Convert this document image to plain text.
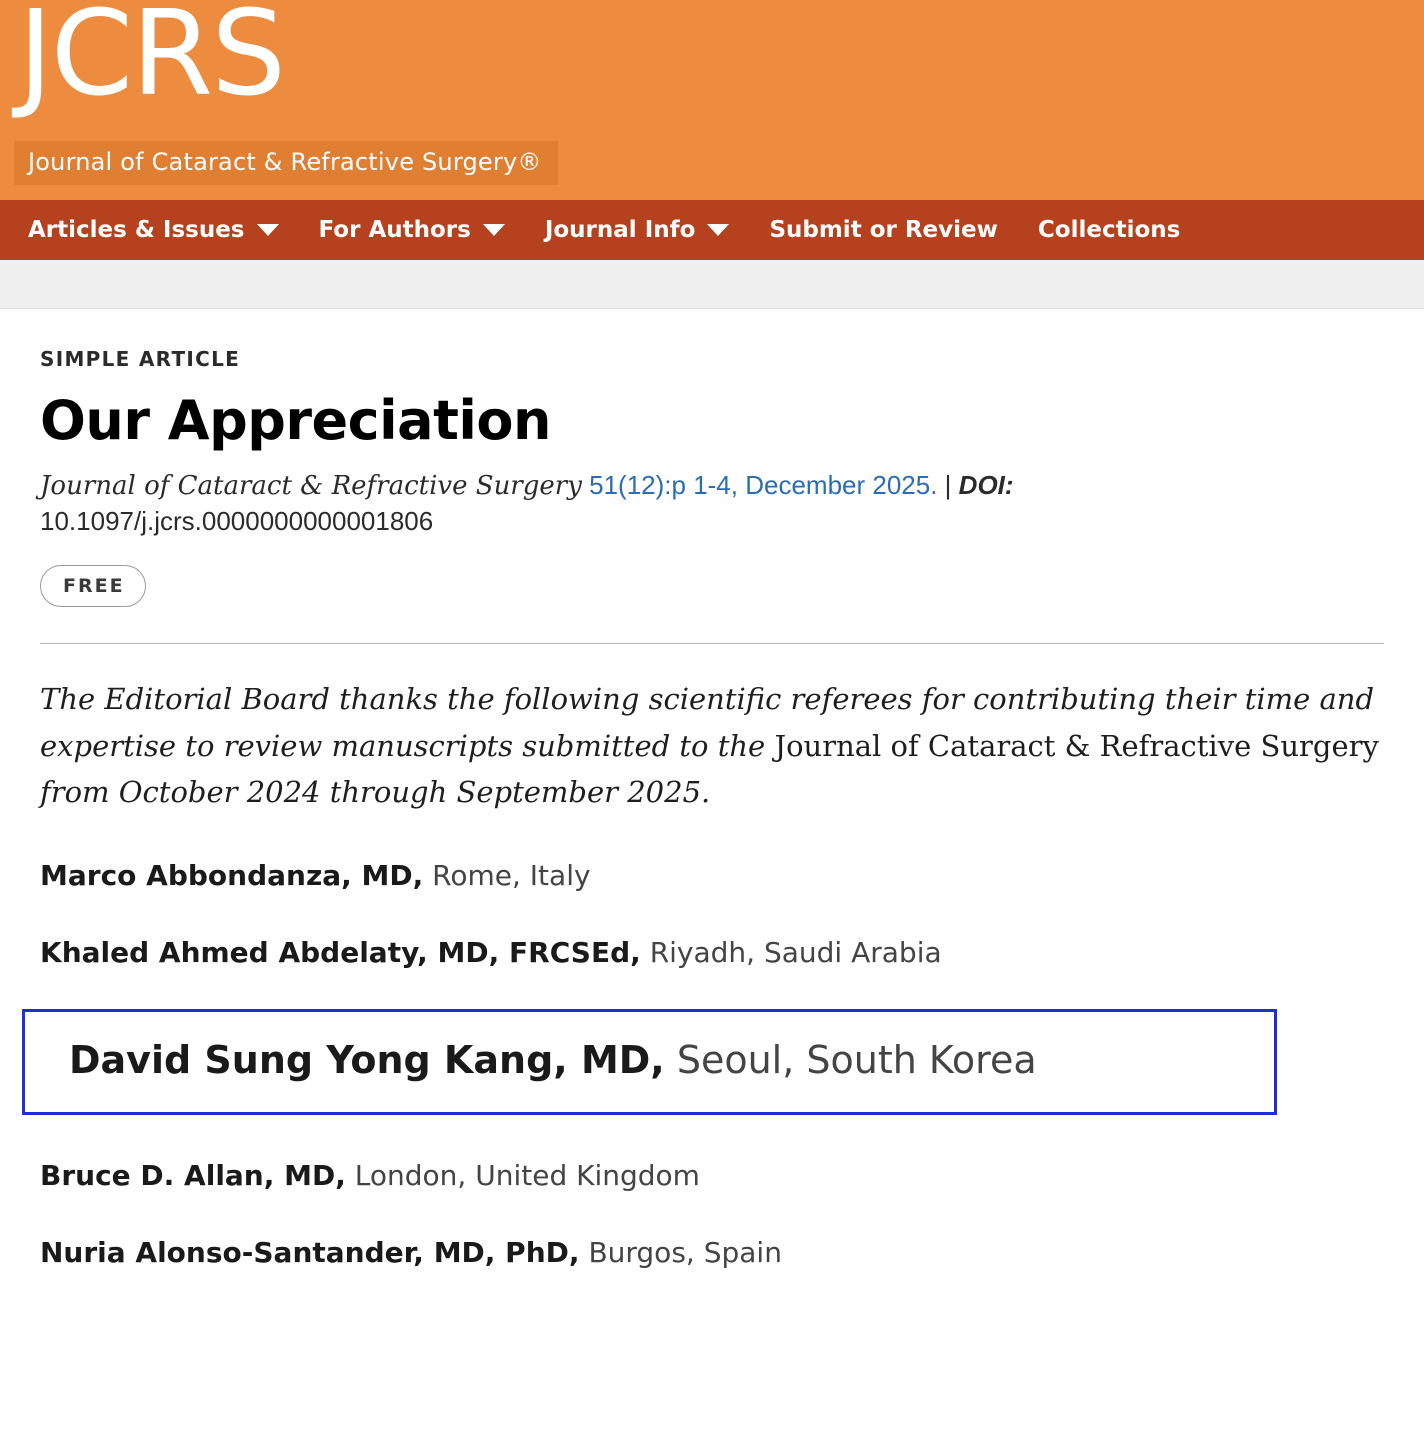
JCRS
Journal of Cataract & Refractive Surgery®
Articles & Issues	For Authors	Journal Info	Submit or Review Collections
SIMPLE ARTICLE
Our Appreciation
Journal of Cataract & Refractive Surgery 51(12):p 1-4, December 2025. | DOI: 10.1097/j.jcrs.0000000000001806
FREE

The Editorial Board thanks the following scientific referees for contributing their time and expertise to review manuscripts submitted to the Journal of Cataract & Refractive Surgery from October 2024 through September 2025.

Marco Abbondanza, MD, Rome, Italy
Khaled Ahmed Abdelaty, MD, FRCSEd, Riyadh, Saudi Arabia
David Sung Yong Kang, MD, Seoul, South Korea
Bruce D. Allan, MD, London, United Kingdom
Nuria Alonso-Santander, MD, PhD, Burgos, Spain
